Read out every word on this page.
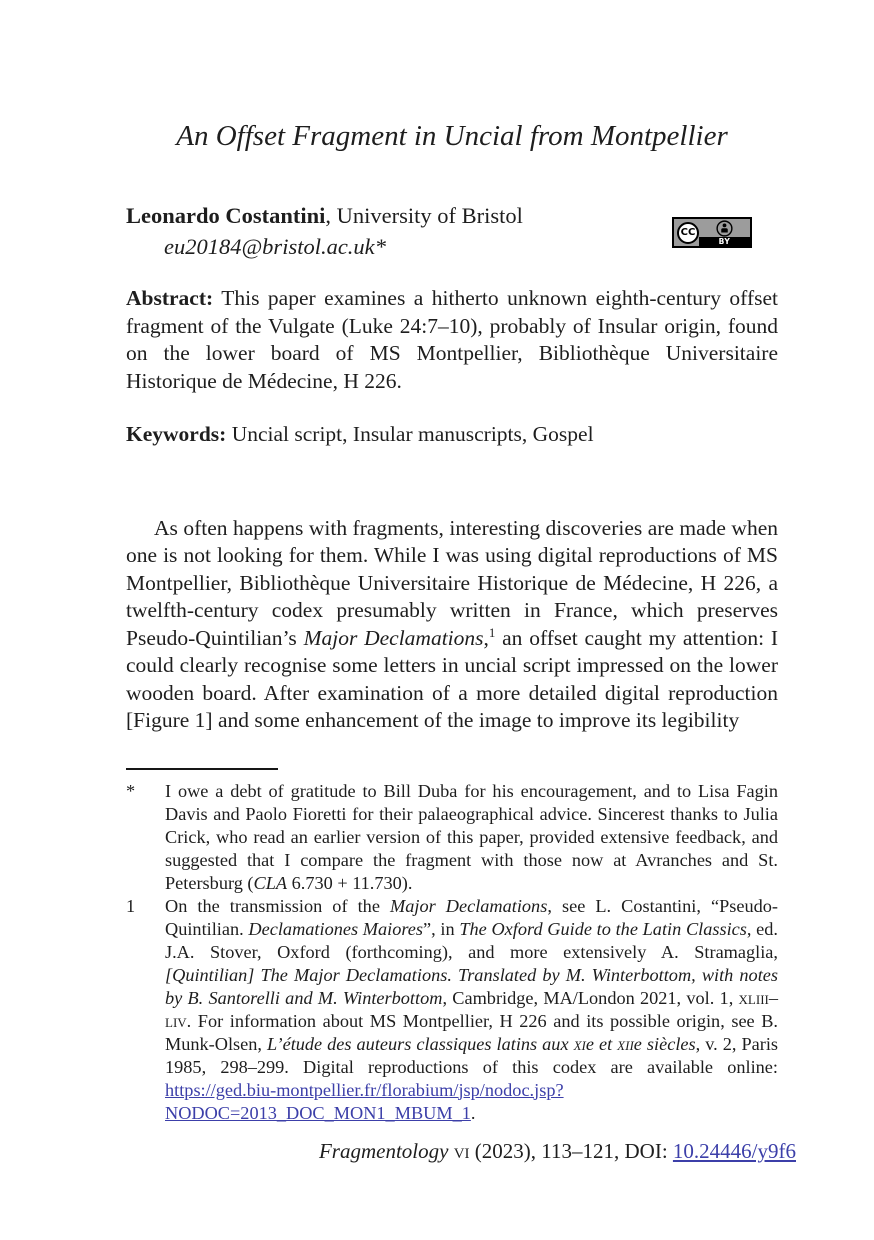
An Offset Fragment in Uncial from Montpellier
Leonardo Costantini, University of Bristol
eu20184@bristol.ac.uk*
CC
BY

Abstract: This paper examines a hitherto unknown eighth-century offset fragment of the Vulgate (Luke 24:7–10), probably of Insular origin, found on the lower board of MS Montpellier, Bibliothèque Universitaire Historique de Médecine, H 226.

Keywords: Uncial script, Insular manuscripts, Gospel

As often happens with fragments, interesting discoveries are made when one is not looking for them. While I was using digital reproductions of MS Montpellier, Bibliothèque Universitaire Historique de Médecine, H 226, a twelfth-century codex presumably written in France, which preserves Pseudo-Quintilian’s Major Declamations,$^1$ an offset caught my attention: I could clearly recognise some letters in uncial script impressed on the lower wooden board. After examination of a more detailed digital reproduction [Figure 1] and some enhancement of the image to improve its legibility

*	I owe a debt of gratitude to Bill Duba for his encouragement, and to Lisa Fagin Davis and Paolo Fioretti for their palaeographical advice. Sincerest thanks to Julia Crick, who read an earlier version of this paper, provided extensive feedback, and suggested that I compare the fragment with those now at Avranches and St. Petersburg (CLA 6.730 + 11.730).

1	On the transmission of the Major Declamations, see L. Costantini, “Pseudo-Quintilian. Declamationes Maiores”, in The Oxford Guide to the Latin Classics, ed. J.A. Stover, Oxford (forthcoming), and more extensively A. Stramaglia, [Quintilian] The Major Declamations. Translated by M. Winterbottom, with notes by B. Santorelli and M. Winterbottom, Cambridge, MA/London 2021, vol. 1, xliii–liv. For information about MS Montpellier, H 226 and its possible origin, see B. Munk-Olsen, L’étude des auteurs classiques latins aux xie et xiie siècles, v. 2, Paris 1985, 298–299. Digital reproductions of this codex are available online: https://ged.biu-montpellier.fr/florabium/jsp/nodoc.jsp?NODOC=2013_DOC_MON1_MBUM_1.

Fragmentology vi (2023), 113–121, DOI: 10.24446/y9f6
